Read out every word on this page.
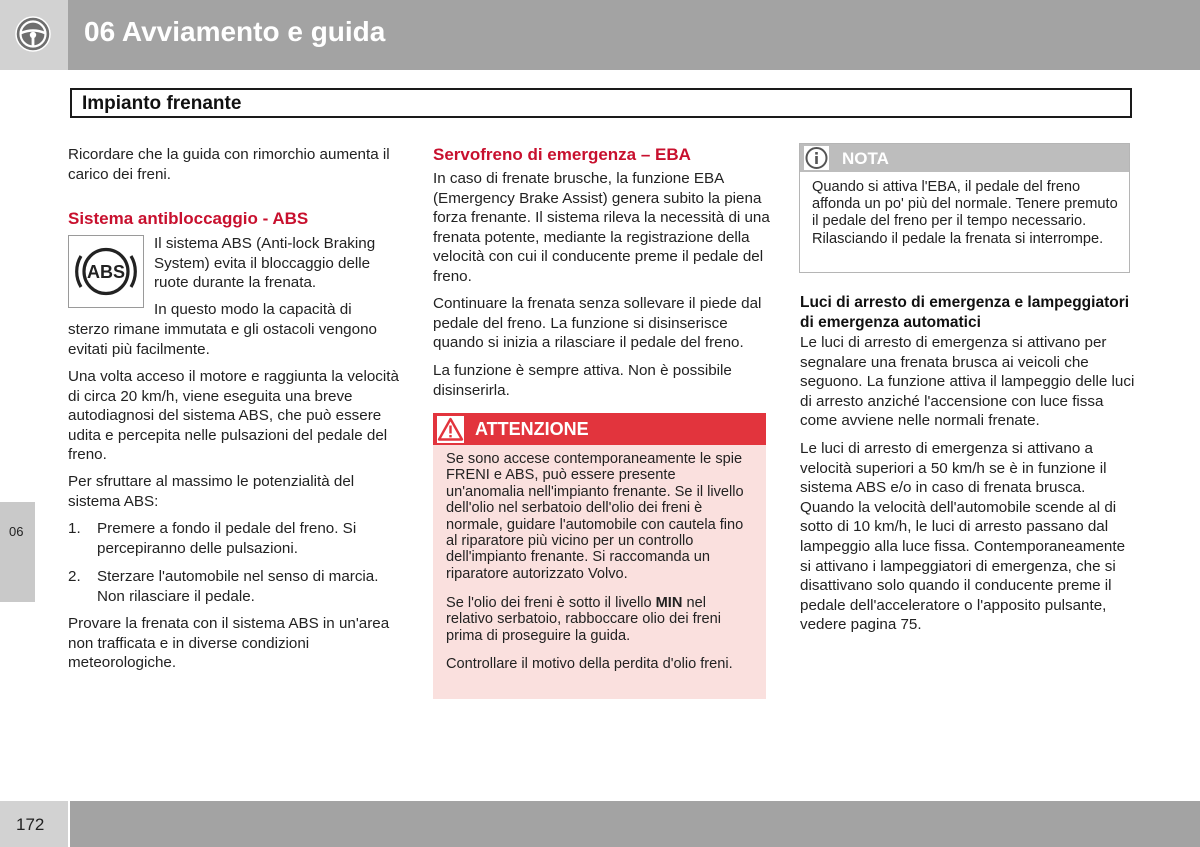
06 Avviamento e guida
Impianto frenante
06

Ricordare che la guida con rimorchio aumenta il carico dei freni.

Sistema antibloccaggio - ABS
ABS

Il sistema ABS (Anti-lock Braking System) evita il bloccaggio delle ruote durante la frenata.

In questo modo la capacità di

sterzo rimane immutata e gli ostacoli vengono evitati più facilmente.

Una volta acceso il motore e raggiunta la velocità di circa 20 km/h, viene eseguita una breve autodiagnosi del sistema ABS, che può essere udita e percepita nelle pulsazioni del pedale del freno.

Per sfruttare al massimo le potenzialità del sistema ABS:

1. Premere a fondo il pedale del freno. Si percepiranno delle pulsazioni.

2. Sterzare l'automobile nel senso di marcia. Non rilasciare il pedale.

Provare la frenata con il sistema ABS in un'area non trafficata e in diverse condizioni meteorologiche.

Servofreno di emergenza – EBA

In caso di frenate brusche, la funzione EBA (Emergency Brake Assist) genera subito la piena forza frenante. Il sistema rileva la necessità di una frenata potente, mediante la registrazione della velocità con cui il conducente preme il pedale del freno.

Continuare la frenata senza sollevare il piede dal pedale del freno. La funzione si disinserisce quando si inizia a rilasciare il pedale del freno.

La funzione è sempre attiva. Non è possibile disinserirla.

ATTENZIONE

Se sono accese contemporaneamente le spie FRENI e ABS, può essere presente un'anomalia nell'impianto frenante. Se il livello dell'olio nel serbatoio dell'olio dei freni è normale, guidare l'automobile con cautela fino al riparatore più vicino per un controllo dell'impianto frenante. Si raccomanda un riparatore autorizzato Volvo.

Se l'olio dei freni è sotto il livello MIN nel relativo serbatoio, rabboccare olio dei freni prima di proseguire la guida.

Controllare il motivo della perdita d'olio freni.

NOTA

Quando si attiva l'EBA, il pedale del freno affonda un po' più del normale. Tenere premuto il pedale del freno per il tempo necessario. Rilasciando il pedale la frenata si interrompe.

Luci di arresto di emergenza e lampeggiatori di emergenza automatici

Le luci di arresto di emergenza si attivano per segnalare una frenata brusca ai veicoli che seguono. La funzione attiva il lampeggio delle luci di arresto anziché l'accensione con luce fissa come avviene nelle normali frenate.

Le luci di arresto di emergenza si attivano a velocità superiori a 50 km/h se è in funzione il sistema ABS e/o in caso di frenata brusca. Quando la velocità dell'automobile scende al di sotto di 10 km/h, le luci di arresto passano dal lampeggio alla luce fissa. Contemporaneamente si attivano i lampeggiatori di emergenza, che si disattivano solo quando il conducente preme il pedale dell'acceleratore o l'apposito pulsante, vedere pagina 75.

172
